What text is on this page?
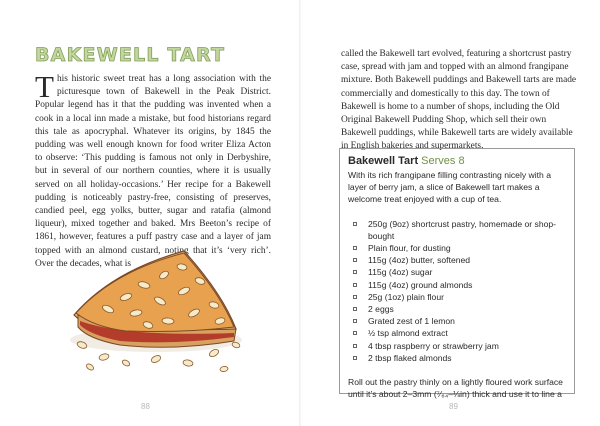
BAKEWELL TART

This historic sweet treat has a long association with the picturesque town of Bakewell in the Peak District. Popular legend has it that the pudding was invented when a cook in a local inn made a mistake, but food historians regard this tale as apocryphal. Whatever its origins, by 1845 the pudding was well enough known for food writer Eliza Acton to observe: ‘This pudding is famous not only in Derbyshire, but in several of our northern counties, where it is usually served on all holiday-occasions.’ Her recipe for a Bakewell pudding is noticeably pastry-free, consisting of preserves, candied peel, egg yolks, butter, sugar and ratafia (almond liqueur), mixed together and baked. Mrs Beeton’s recipe of 1861, however, features a puff pastry case and a layer of jam topped with an almond custard, noting that it’s ‘very rich’. Over the decades, what is

88

called the Bakewell tart evolved, featuring a shortcrust pastry case, spread with jam and topped with an almond frangipane mixture. Both Bakewell puddings and Bakewell tarts are made commercially and domestically to this day. The town of Bakewell is home to a number of shops, including the Old Original Bakewell Pudding Shop, which sell their own Bakewell puddings, while Bakewell tarts are widely available in English bakeries and supermarkets.

Bakewell Tart Serves 8

With its rich frangipane filling contrasting nicely with a layer of berry jam, a slice of Bakewell tart makes a welcome treat enjoyed with a cup of tea.

250g (9oz) shortcrust pastry, homemade or shop-bought
Plain flour, for dusting
115g (4oz) butter, softened
115g (4oz) sugar
115g (4oz) ground almonds
25g (1oz) plain flour
2 eggs
Grated zest of 1 lemon
½ tsp almond extract
4 tbsp raspberry or strawberry jam
2 tbsp flaked almonds

Roll out the pastry thinly on a lightly floured work surface until it’s about 2–3mm (⁷⁄₆₄–⅛in) thick and use it to line a

89
